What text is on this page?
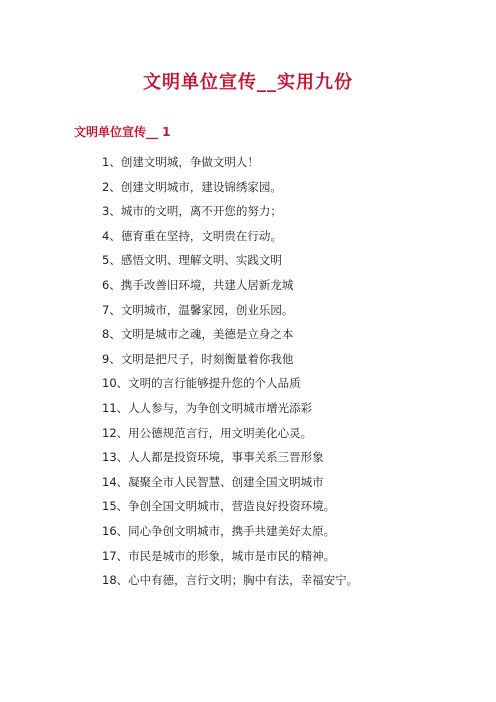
文明单位宣传__实用九份
文明单位宣传__ 1
1、创建文明城，争做文明人！
2、创建文明城市，建设锦绣家园。
3、城市的文明，离不开您的努力；
4、德育重在坚持，文明贵在行动。
5、感悟文明、理解文明、实践文明
6、携手改善旧环境，共建人居新龙城
7、文明城市，温馨家园，创业乐园。
8、文明是城市之魂，美德是立身之本
9、文明是把尺子，时刻衡量着你我他
10、文明的言行能够提升您的个人品质
11、人人参与，为争创文明城市增光添彩
12、用公德规范言行，用文明美化心灵。
13、人人都是投资环境，事事关系三晋形象
14、凝聚全市人民智慧、创建全国文明城市
15、争创全国文明城市，营造良好投资环境。
16、同心争创文明城市，携手共建美好太原。
17、市民是城市的形象，城市是市民的精神。
18、心中有德，言行文明；胸中有法，幸福安宁。
